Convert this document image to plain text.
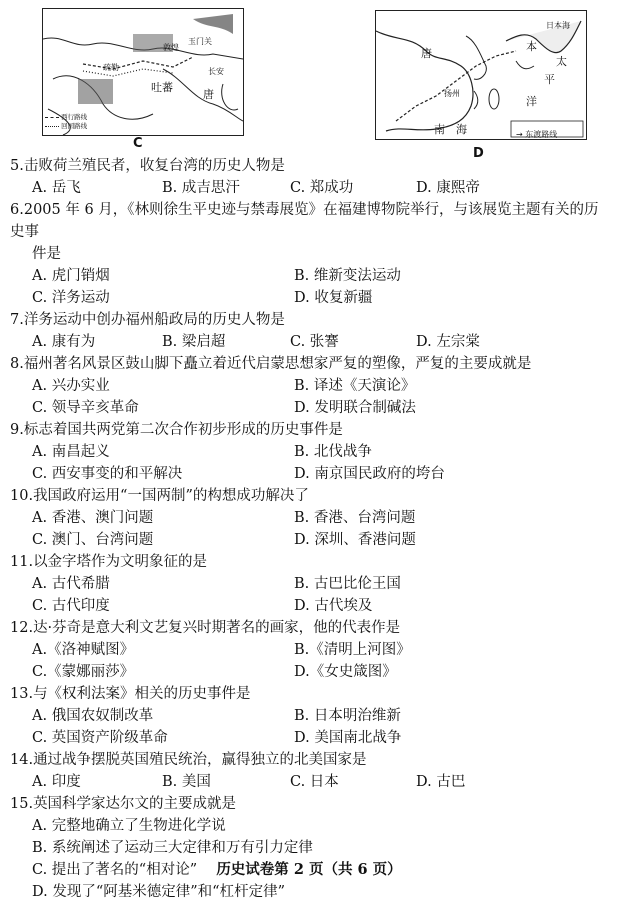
敦煌
玉门关
长安
吐蕃
唐
疏勒
西行路线
回国路线
日本海
唐
本
太
平
洋
扬州
南 海	→ 东渡路线
C
D
5.击败荷兰殖民者，收复台湾的历史人物是
A. 岳飞	B. 成吉思汗	C. 郑成功	D. 康熙帝
6.2005 年 6 月，《林则徐生平史迹与禁毒展览》在福建博物院举行，与该展览主题有关的历史事
件是
A. 虎门销烟	B. 维新变法运动
C. 洋务运动	D. 收复新疆
7.洋务运动中创办福州船政局的历史人物是
A. 康有为	B. 梁启超	C. 张謇	D. 左宗棠
8.福州著名风景区鼓山脚下矗立着近代启蒙思想家严复的塑像，严复的主要成就是
A. 兴办实业	B. 译述《天演论》
C. 领导辛亥革命	D. 发明联合制碱法
9.标志着国共两党第二次合作初步形成的历史事件是
A. 南昌起义	B. 北伐战争
C. 西安事变的和平解决	D. 南京国民政府的垮台
10.我国政府运用“一国两制”的构想成功解决了
A. 香港、澳门问题	B. 香港、台湾问题
C. 澳门、台湾问题	D. 深圳、香港问题
11.以金字塔作为文明象征的是
A. 古代希腊	B. 古巴比伦王国
C. 古代印度	D. 古代埃及
12.达·芬奇是意大利文艺复兴时期著名的画家，他的代表作是
A.《洛神赋图》	B.《清明上河图》
C.《蒙娜丽莎》	D.《女史箴图》
13.与《权利法案》相关的历史事件是
A. 俄国农奴制改革	B. 日本明治维新
C. 英国资产阶级革命	D. 美国南北战争
14.通过战争摆脱英国殖民统治，赢得独立的北美国家是
A. 印度	B. 美国	C. 日本	D. 古巴
15.英国科学家达尔文的主要成就是
A. 完整地确立了生物进化学说
B. 系统阐述了运动三大定律和万有引力定律
C. 提出了著名的“相对论”
D. 发现了“阿基米德定律”和“杠杆定律”
历史试卷第 2 页（共 6 页）
